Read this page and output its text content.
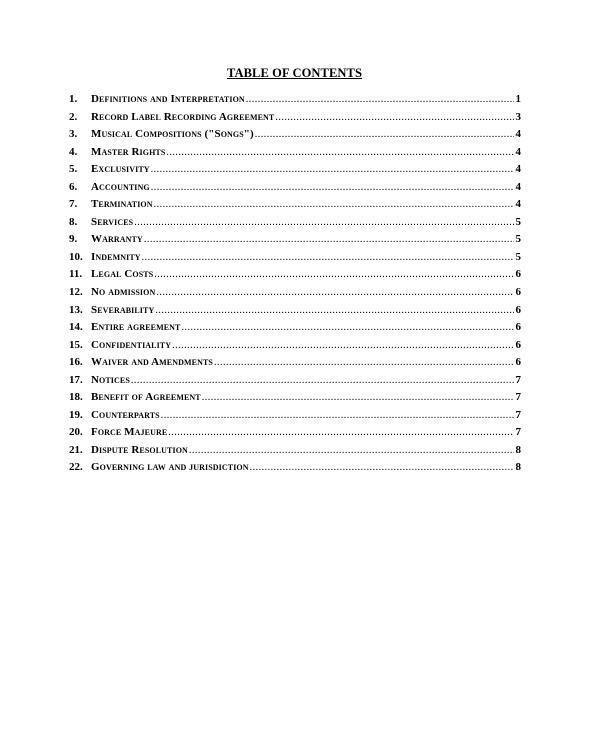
TABLE OF CONTENTS
1.	Definitions and Interpretation .....	1
2.	Record Label Recording Agreement .....	3
3.	Musical Compositions ("Songs") .....	4
4.	Master Rights .....	4
5.	Exclusivity .....	4
6.	Accounting .....	4
7.	Termination .....	4
8.	Services .....	5
9.	Warranty .....	5
10. Indemnity .....	5
11. Legal Costs .....	6
12. No admission .....	6
13. Severability .....	6
14. Entire agreement .....	6
15. Confidentiality .....	6
16. Waiver and Amendments .....	6
17. Notices .....	7
18. Benefit of Agreement .....	7
19. Counterparts .....	7
20. Force Majeure .....	7
21. Dispute Resolution .....	8
22. Governing law and jurisdiction .....	8
